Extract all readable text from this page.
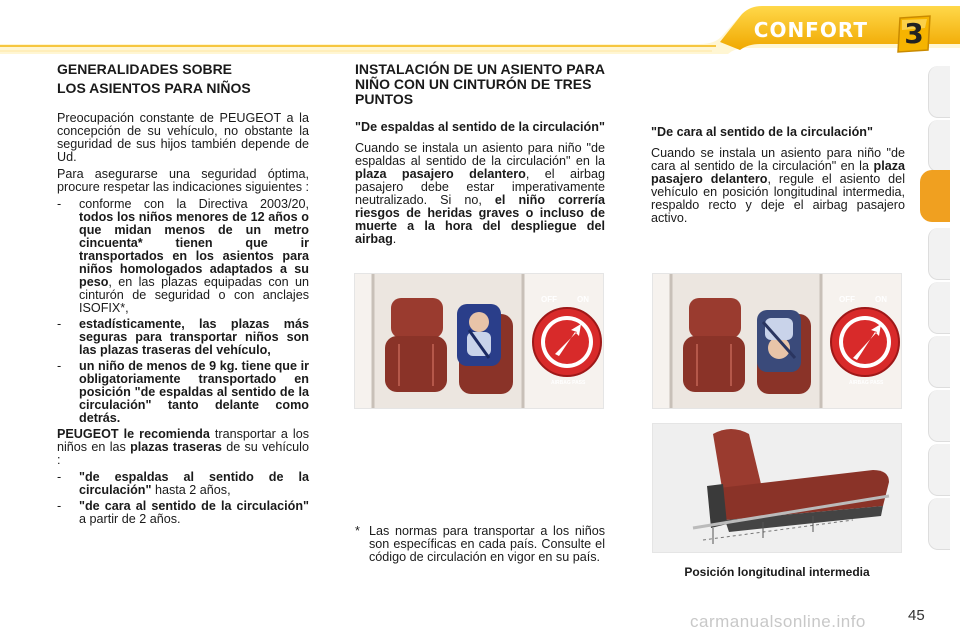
CONFORT	3
GENERALIDADES SOBRE
LOS ASIENTOS PARA NIÑOS

Preocupación constante de PEUGEOT a la concepción de su vehículo, no obstante la seguridad de sus hijos también depende de Ud.

Para asegurarse una seguridad óptima, procure respetar las indicaciones siguientes :

-	conforme con la Directiva 2003/20, todos los niños menores de 12 años o que midan menos de un metro cincuenta* tienen que ir transportados en los asientos para niños homologados adaptados a su peso, en las plazas equipadas con un cinturón de seguridad o con anclajes ISOFIX*,
-	estadísticamente, las plazas más seguras para transportar niños son las plazas traseras del vehículo,
-	un niño de menos de 9 kg. tiene que ir obligatoriamente transportado en posición "de espaldas al sentido de la circulación" tanto delante como detrás.

PEUGEOT le recomienda transportar a los niños en las plazas traseras de su vehículo :

-	"de espaldas al sentido de la circulación" hasta 2 años,
-	"de cara al sentido de la circulación" a partir de 2 años.
INSTALACIÓN DE UN ASIENTO PARA NIÑO CON UN CINTURÓN DE TRES PUNTOS
"De espaldas al sentido de la circulación"

Cuando se instala un asiento para niño "de espaldas al sentido de la circulación" en la plaza pasajero delantero, el airbag pasajero debe estar imperativamente neutralizado. Si no, el niño correría riesgos de heridas graves o incluso de muerte a la hora del despliegue del airbag.

"De cara al sentido de la circulación"

Cuando se instala un asiento para niño "de cara al sentido de la circulación" en la plaza pasajero delantero, regule el asiento del vehículo en posición longitudinal intermedia, respaldo recto y deje el airbag pasajero activo.

OFF	ON
AIRBAG PASS
OFF	ON
AIRBAG PASS
* Las normas para transportar a los niños son específicas en cada país. Consulte el código de circulación en vigor en su país.
Posición longitudinal intermedia
carmanualsonline.info	45
